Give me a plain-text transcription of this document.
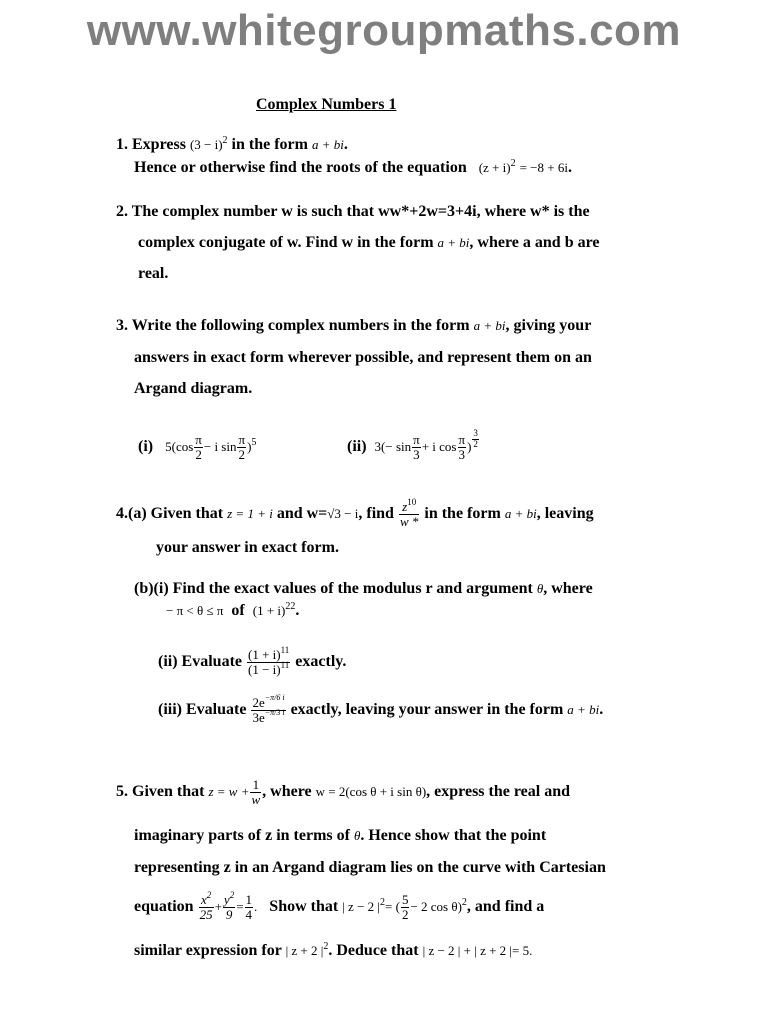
www.whitegroupmaths.com
Complex Numbers 1
1. Express $(3 - i)^2$ in the form a + bi.
Hence or otherwise find the roots of the equation $(z + i)^2 = -8 + 6i$.
2. The complex number w is such that ww*+2w=3+4i, where w* is the
complex conjugate of w. Find w in the form a + bi, where a and b are
real.
3. Write the following complex numbers in the form a + bi, giving your
answers in exact form wherever possible, and represent them on an
Argand diagram.
(i) $5(\cos \frac{\pi}{2} - i$ $\sin \frac{\pi}{2} )^5$	(ii) $3(- \sin \frac{\pi}{3} + i$ $\cos \frac{\pi}{3}$ ) $\frac{3}{2}$
4.(a) Given that z = 1 + i and w=√3 − i, find $\frac{z^{10}}{w *}$ in the form a + bi, leaving
your answer in exact form.
(b)(i) Find the exact values of the modulus r and argument θ, where
− π < θ ≤ π of $(1 + i)^{22}$.
(ii) Evaluate $\frac{(1 + i)^{11}}{(1 - i)^{11}}$ exactly.
(iii) Evaluate $\frac{2e^{-\pi/6 i}}{3e^{-\pi/3 i}}$ exactly, leaving your answer in the form a + bi.
5. Given that $z = w + \frac{1}{w}$ , where w = 2(cos θ + i sin θ), express the real and
imaginary parts of z in terms of θ. Hence show that the point
representing z in an Argand diagram lies on the curve with Cartesian
equation $\frac{x^2}{25} + \frac{y^2}{9} = \frac{1}{4}$ . Show that | z − 2 $|^2=$ ( $\frac{5}{2} - 2$ cos θ)$^2$, and find a
similar expression for | z + 2 $|^2$. Deduce that | z − 2 | + | z + 2 |= 5.
